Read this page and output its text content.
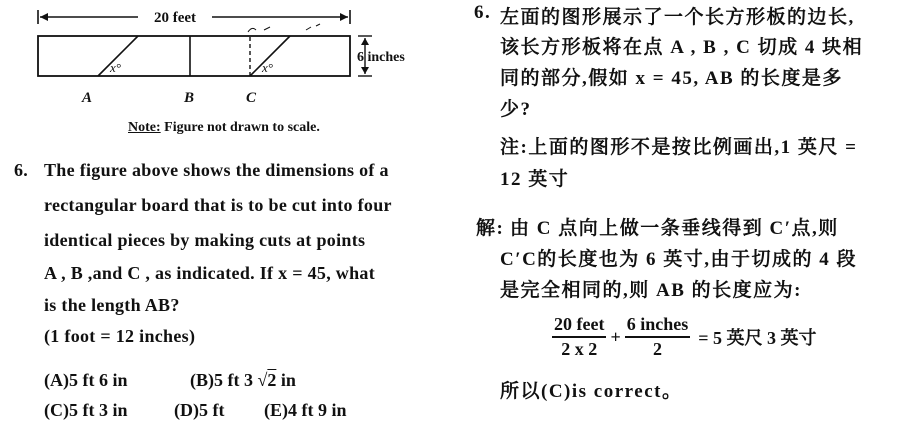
20 feet
x°	x°
6 inches
A	B	C
Note: Figure not drawn to scale.
6. The figure above shows the dimensions of a
rectangular board that is to be cut into four
identical pieces by making cuts at points
A , B ,and C , as indicated. If x = 45, what
is the length AB?
(1 foot = 12 inches)
(A)5 ft 6 in	(B)5 ft 3 √2 in
(C)5 ft 3 in	(D)5 ft (E)4 ft 9 in
6. 左面的图形展示了一个长方形板的边长,
该长方形板将在点 A , B , C 切成 4 块相
同的部分,假如 x = 45, AB 的长度是多
少?
注:上面的图形不是按比例画出,1 英尺 =
12 英寸
解: 由 C 点向上做一条垂线得到 C′点,则
C′C的长度也为 6 英寸,由于切成的 4 段
是完全相同的,则 AB 的长度应为:
$\frac{\text{20 feet}}{2 x 2} + \frac{\text{6 inches}}{2} = 5$ 英尺 3 英寸
所以(C)is correct。
